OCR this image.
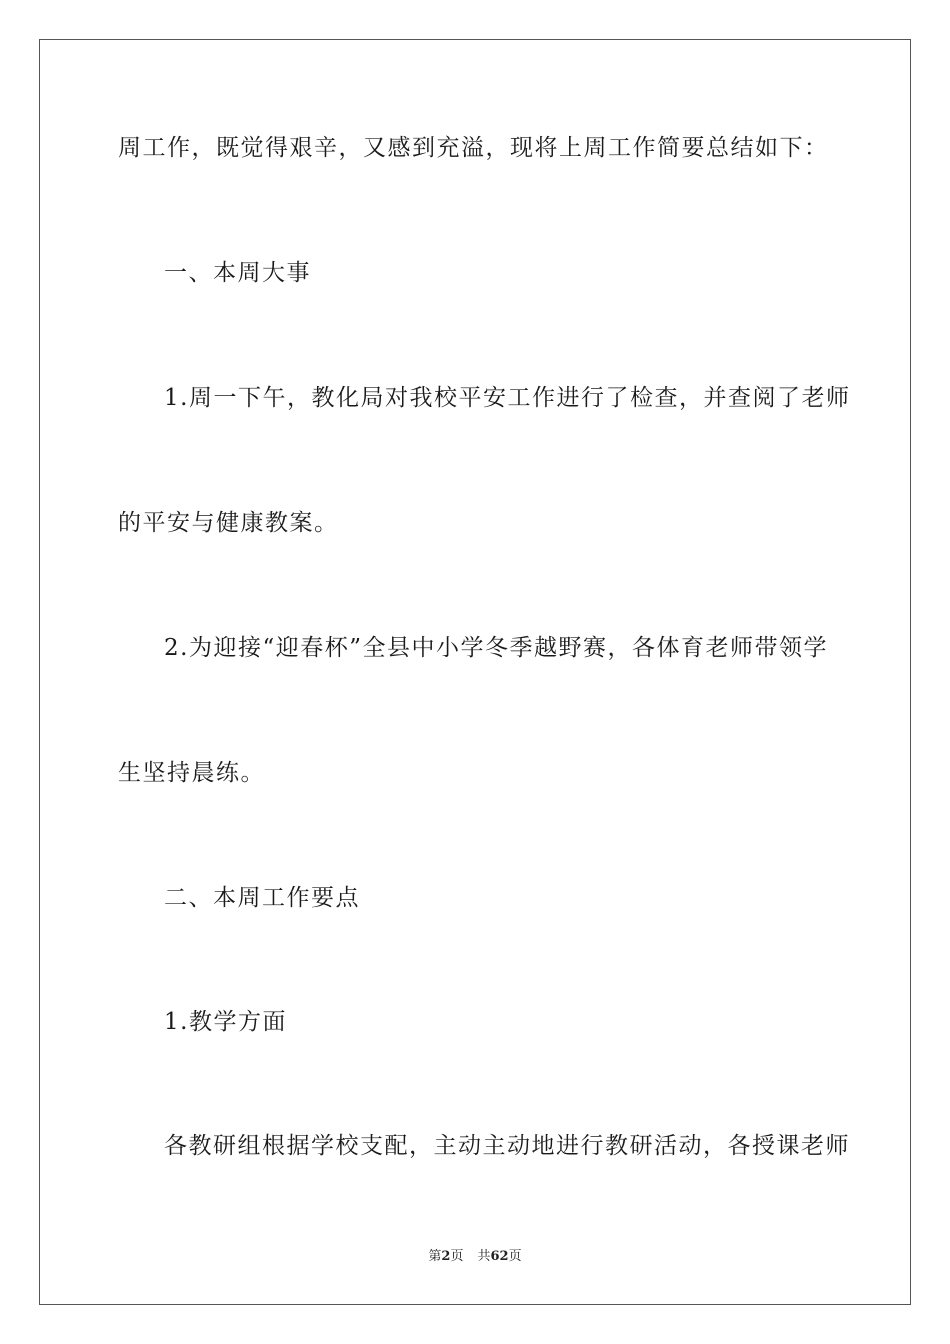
周工作，既觉得艰辛，又感到充溢，现将上周工作简要总结如下：
一、本周大事
1.周一下午，教化局对我校平安工作进行了检查，并查阅了老师
的平安与健康教案。
2.为迎接“迎春杯”全县中小学冬季越野赛，各体育老师带领学
生坚持晨练。
二、本周工作要点
1.教学方面
各教研组根据学校支配，主动主动地进行教研活动，各授课老师
第2页 共62页
